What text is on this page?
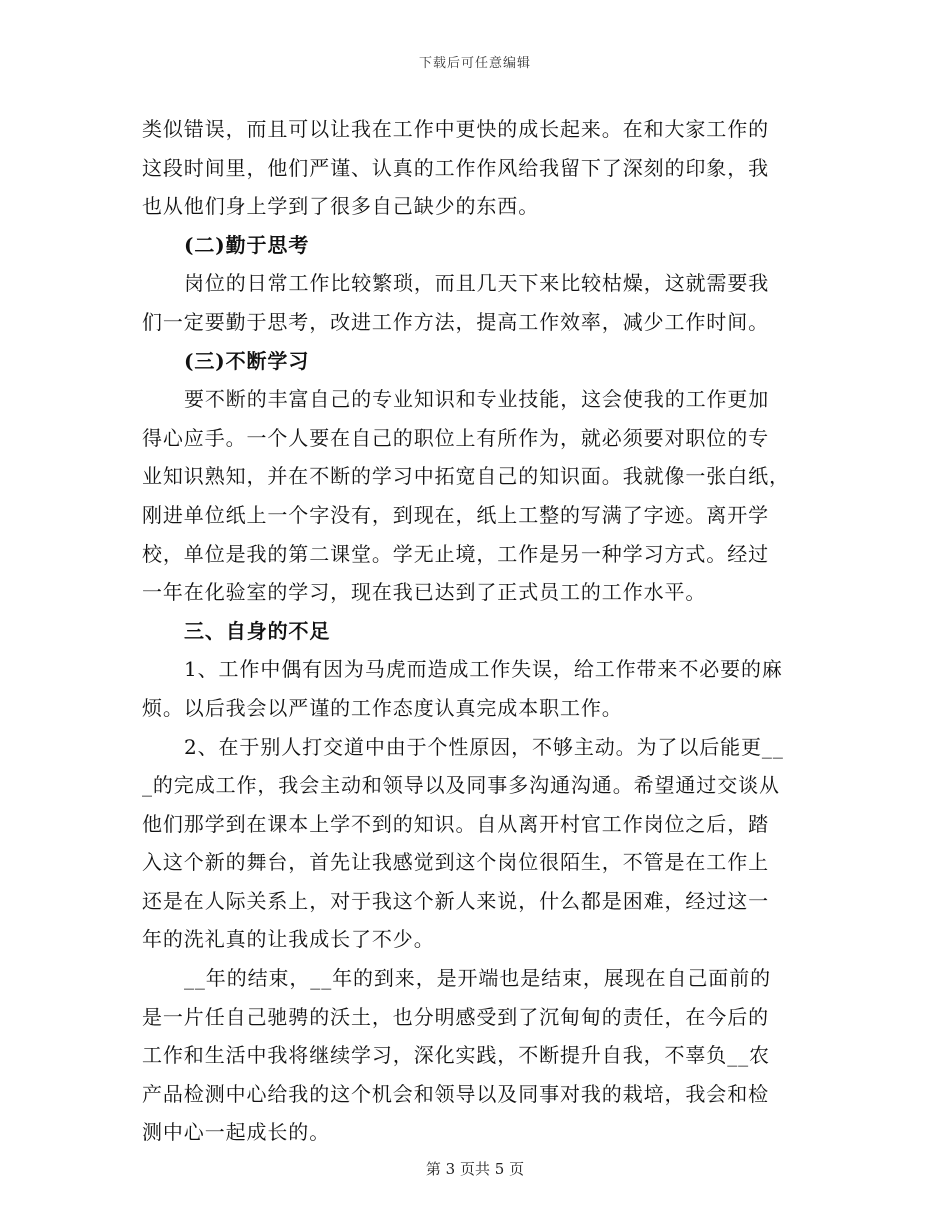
下载后可任意编辑
类似错误，而且可以让我在工作中更快的成长起来。在和大家工作的
这段时间里，他们严谨、认真的工作作风给我留下了深刻的印象，我
也从他们身上学到了很多自己缺少的东西。
(二)勤于思考
岗位的日常工作比较繁琐，而且几天下来比较枯燥，这就需要我
们一定要勤于思考，改进工作方法，提高工作效率，减少工作时间。
(三)不断学习
要不断的丰富自己的专业知识和专业技能，这会使我的工作更加
得心应手。一个人要在自己的职位上有所作为，就必须要对职位的专
业知识熟知，并在不断的学习中拓宽自己的知识面。我就像一张白纸，
刚进单位纸上一个字没有，到现在，纸上工整的写满了字迹。离开学
校，单位是我的第二课堂。学无止境，工作是另一种学习方式。经过
一年在化验室的学习，现在我已达到了正式员工的工作水平。
三、自身的不足
1、工作中偶有因为马虎而造成工作失误，给工作带来不必要的麻
烦。以后我会以严谨的工作态度认真完成本职工作。
2、在于别人打交道中由于个性原因，不够主动。为了以后能更__
_的完成工作，我会主动和领导以及同事多沟通沟通。希望通过交谈从
他们那学到在课本上学不到的知识。自从离开村官工作岗位之后，踏
入这个新的舞台，首先让我感觉到这个岗位很陌生，不管是在工作上
还是在人际关系上，对于我这个新人来说，什么都是困难，经过这一
年的洗礼真的让我成长了不少。
__年的结束，__年的到来，是开端也是结束，展现在自己面前的
是一片任自己驰骋的沃土，也分明感受到了沉甸甸的责任，在今后的
工作和生活中我将继续学习，深化实践，不断提升自我，不辜负__农
产品检测中心给我的这个机会和领导以及同事对我的栽培，我会和检
测中心一起成长的。
第 3 页共 5 页
